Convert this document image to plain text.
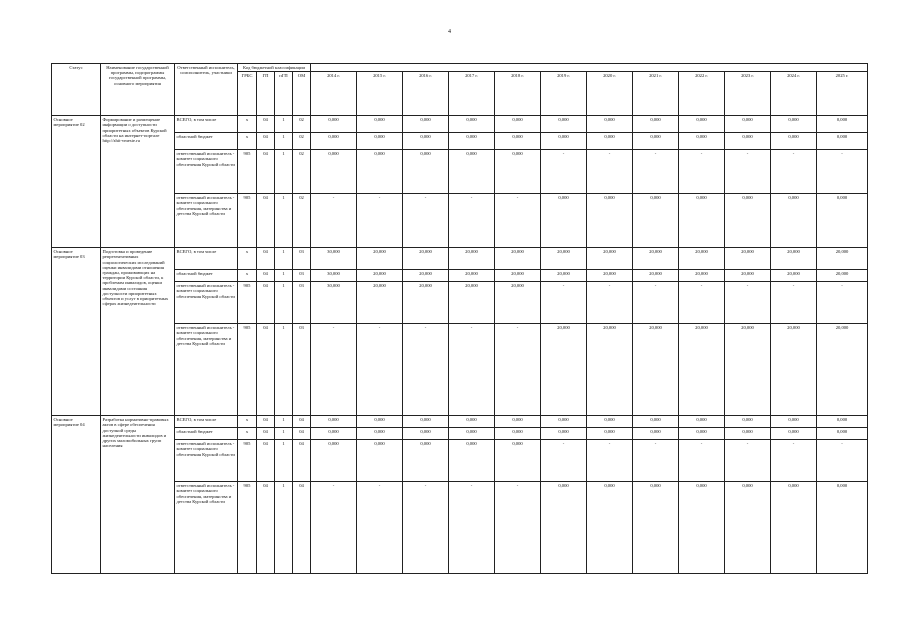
4
Статус	Наименование государственной программы, подпрограммы государственной программы, основного мероприятия	Ответственный исполнитель, соисполнитель, участники	Код бюджетной классификации															
			ГРБС	ГП	пГП	ОМ	2014 г.	2015 г.	2016 г.	2017 г.	2018 г.	2019 г.	2020 г.	2021 г.	2022 г.	2023 г.	2024 г.	2025 г.
Основное мероприятие 02	Формирование и размещение информации о доступности приоритетных объектов Курской области на интернет-портале http://zhit-vmeste.ru	ВСЕГО, в том числе	x	04	1	02	0,000	0,000	0,000	0,000	0,000	0,000	0,000	0,000	0,000	0,000	0,000	0,000
		областной бюджет	x	04	1	02	0,000	0,000	0,000	0,000	0,000	0,000	0,000	0,000	0,000	0,000	0,000	0,000
		ответственный исполнитель - комитет социального обеспечения Курской области	905	04	1	02	0,000	0,000	0,000	0,000	0,000	-	-	-	-	-	-	-
		ответственный исполнитель - комитет социального обеспечения, материнства и детства Курской области	905	04	1	02	-	-	-	-	-	0,000	0,000	0,000	0,000	0,000	0,000	0,000
Основное мероприятие 03	Подготовка и проведение репрезентативных социологических исследований оценки инвалидами отношения граждан, проживающих на территории Курской области, к проблемам инвалидов, оценки инвалидами состояния доступности приоритетных объектов и услуг в приоритетных сферах жизнедеятельности	ВСЕГО, в том числе	x	04	1	03	30,000	20,000	20,000	20,000	20,000	20,000	20,000	20,000	20,000	20,000	20,000	20,000
		областной бюджет	x	04	1	03	30,000	20,000	20,000	20,000	20,000	20,000	20,000	20,000	20,000	20,000	20,000	20,000
		ответственный исполнитель - комитет социального обеспечения Курской области	905	04	1	03	30,000	20,000	20,000	20,000	20,000	-	-	-	-	-	-	-
		ответственный исполнитель - комитет социального обеспечения, материнства и детства Курской области	905	04	1	03	-	-	-	-	-	20,000	20,000	20,000	20,000	20,000	20,000	20,000
Основное мероприятие 04	Разработка нормативно-правовых актов в сфере обеспечения доступной среды жизнедеятельности инвалидов и других маломобильных групп населения	ВСЕГО, в том числе	x	04	1	04	0,000	0,000	0,000	0,000	0,000	0,000	0,000	0,000	0,000	0,000	0,000	0,000
		областной бюджет	x	04	1	04	0,000	0,000	0,000	0,000	0,000	0,000	0,000	0,000	0,000	0,000	0,000	0,000
		ответственный исполнитель - комитет социального обеспечения Курской области	905	04	1	04	0,000	0,000	0,000	0,000	0,000	-	-	-	-	-	-	-
		ответственный исполнитель - комитет социального обеспечения, материнства и детства Курской области	905	04	1	04	-	-	-	-	-	0,000	0,000	0,000	0,000	0,000	0,000	0,000
